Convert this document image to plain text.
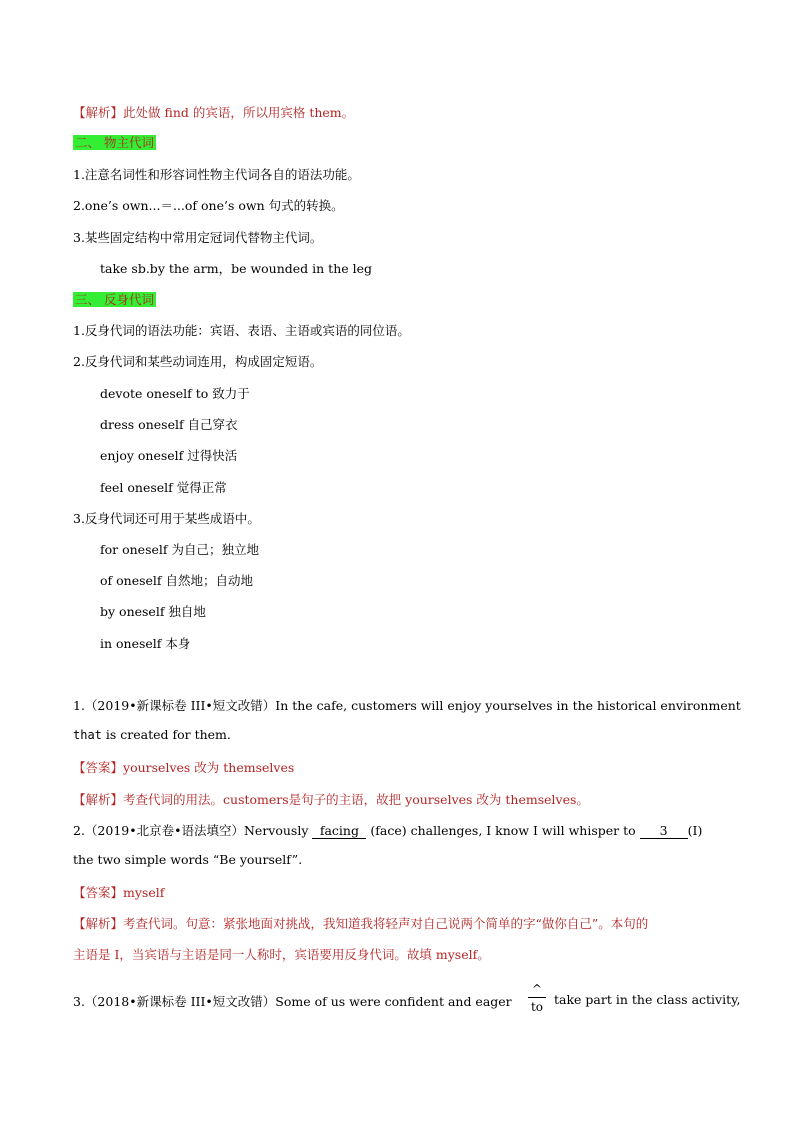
【解析】此处做 find 的宾语，所以用宾格 them。
二、 物主代词
1.注意名词性和形容词性物主代词各自的语法功能。
2.one’s own...＝...of one’s own 句式的转换。
3.某些固定结构中常用定冠词代替物主代词。
take sb.by the arm，be wounded in the leg
三、 反身代词
1.反身代词的语法功能：宾语、表语、主语或宾语的同位语。
2.反身代词和某些动词连用，构成固定短语。
devote oneself to 致力于
dress oneself 自己穿衣
enjoy oneself 过得快活
feel oneself 觉得正常
3.反身代词还可用于某些成语中。
for oneself 为自己；独立地
of oneself 自然地；自动地
by oneself 独自地
in oneself 本身
1.（2019•新课标卷 III•短文改错）In the cafe, customers will enjoy yourselves in the historical environment
that is created for them.
【答案】yourselves 改为 themselves
【解析】考查代词的用法。customers是句子的主语，故把 yourselves 改为 themselves。
2.（2019•北京卷•语法填空）Nervously facing (face) challenges, I know I will whisper to 3 (I)
the two simple words “Be yourself”.
【答案】myself
【解析】考查代词。句意：紧张地面对挑战，我知道我将轻声对自己说两个简单的字“做你自己”。本句的
主语是 I，当宾语与主语是同一人称时，宾语要用反身代词。故填 myself。
3.（2018•新课标卷 III•短文改错）Some of us were confident and eager
^
to take part in the class activity,
